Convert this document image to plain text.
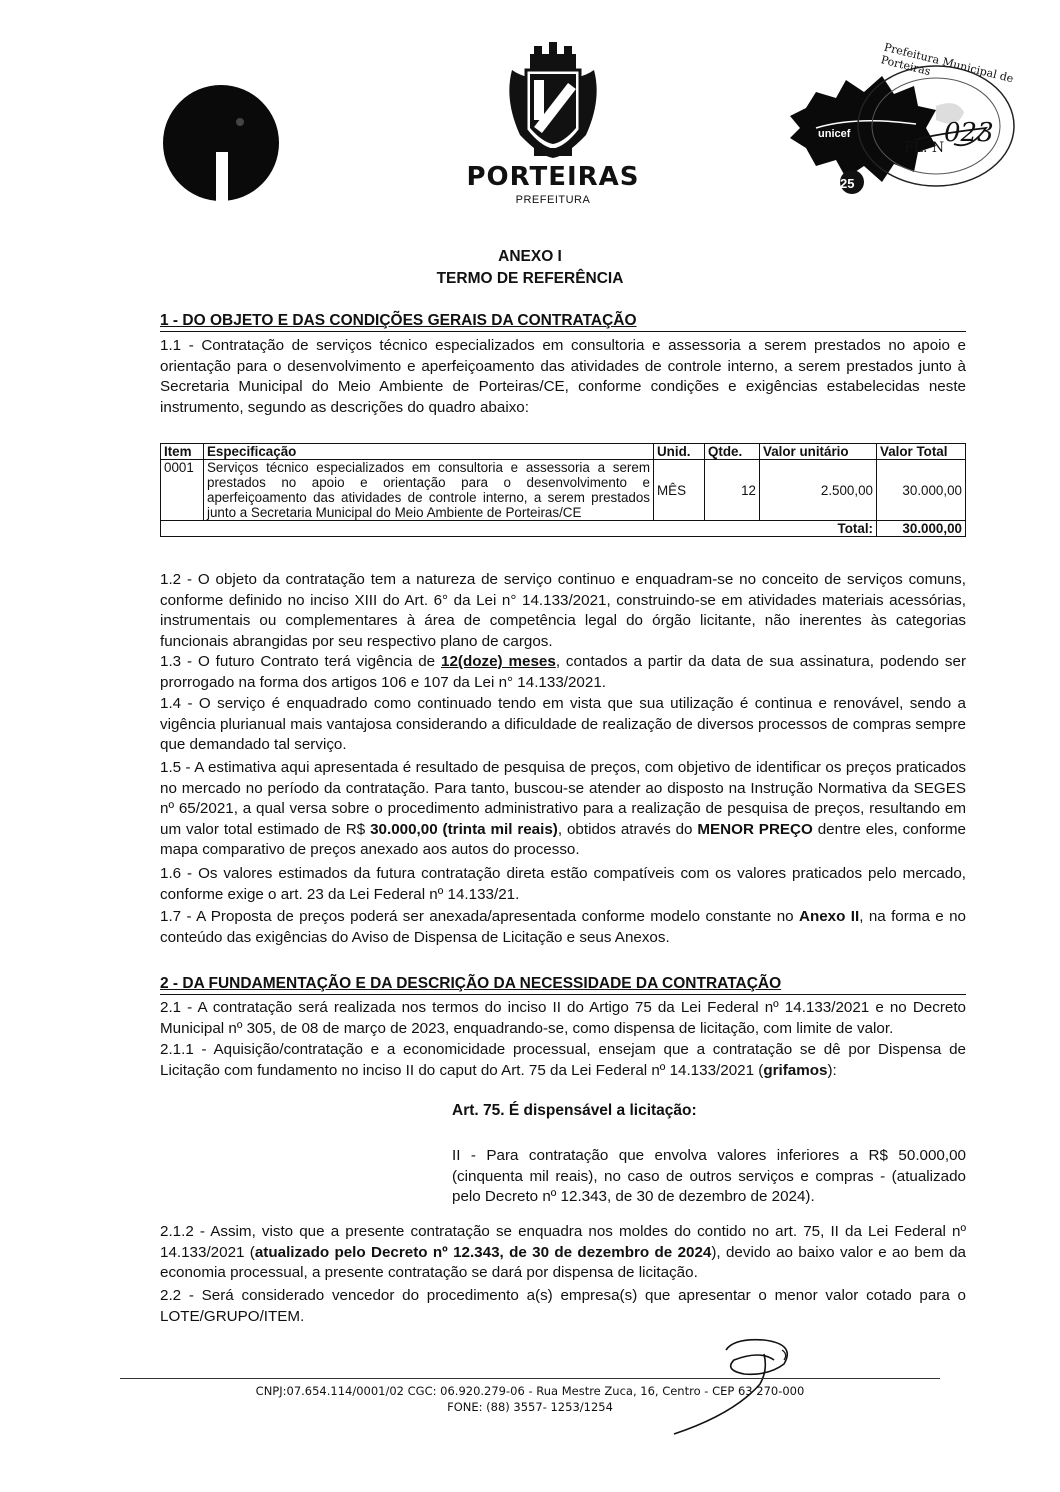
PORTEIRAS
PREFEITURA
Prefeitura Municipal de Porteiras
unicef
25
FL. N 023
ANEXO I
TERMO DE REFERÊNCIA
1 - DO OBJETO E DAS CONDIÇÕES GERAIS DA CONTRATAÇÃO

1.1 - Contratação de serviços técnico especializados em consultoria e assessoria a serem prestados no apoio e orientação para o desenvolvimento e aperfeiçoamento das atividades de controle interno, a serem prestados junto à Secretaria Municipal do Meio Ambiente de Porteiras/CE, conforme condições e exigências estabelecidas neste instrumento, segundo as descrições do quadro abaixo:

Item	Especificação	Unid.	Qtde.	Valor unitário	Valor Total
0001	Serviços técnico especializados em consultoria e assessoria a serem prestados no apoio e orientação para o desenvolvimento e aperfeiçoamento das atividades de controle interno, a serem prestados junto a Secretaria Municipal do Meio Ambiente de Porteiras/CE	MÊS	12	2.500,00	30.000,00
Total:					30.000,00

1.2 - O objeto da contratação tem a natureza de serviço continuo e enquadram-se no conceito de serviços comuns, conforme definido no inciso XIII do Art. 6° da Lei n° 14.133/2021, construindo-se em atividades materiais acessórias, instrumentais ou complementares à área de competência legal do órgão licitante, não inerentes às categorias funcionais abrangidas por seu respectivo plano de cargos.

1.3 - O futuro Contrato terá vigência de 12(doze) meses, contados a partir da data de sua assinatura, podendo ser prorrogado na forma dos artigos 106 e 107 da Lei n° 14.133/2021.

1.4 - O serviço é enquadrado como continuado tendo em vista que sua utilização é continua e renovável, sendo a vigência plurianual mais vantajosa considerando a dificuldade de realização de diversos processos de compras sempre que demandado tal serviço.

1.5 - A estimativa aqui apresentada é resultado de pesquisa de preços, com objetivo de identificar os preços praticados no mercado no período da contratação. Para tanto, buscou-se atender ao disposto na Instrução Normativa da SEGES nº 65/2021, a qual versa sobre o procedimento administrativo para a realização de pesquisa de preços, resultando em um valor total estimado de R$ 30.000,00 (trinta mil reais), obtidos através do MENOR PREÇO dentre eles, conforme mapa comparativo de preços anexado aos autos do processo.

1.6 - Os valores estimados da futura contratação direta estão compatíveis com os valores praticados pelo mercado, conforme exige o art. 23 da Lei Federal nº 14.133/21.

1.7 - A Proposta de preços poderá ser anexada/apresentada conforme modelo constante no Anexo II, na forma e no conteúdo das exigências do Aviso de Dispensa de Licitação e seus Anexos.

2 - DA FUNDAMENTAÇÃO E DA DESCRIÇÃO DA NECESSIDADE DA CONTRATAÇÃO

2.1 - A contratação será realizada nos termos do inciso II do Artigo 75 da Lei Federal nº 14.133/2021 e no Decreto Municipal nº 305, de 08 de março de 2023, enquadrando-se, como dispensa de licitação, com limite de valor.

2.1.1 - Aquisição/contratação e a economicidade processual, ensejam que a contratação se dê por Dispensa de Licitação com fundamento no inciso II do caput do Art. 75 da Lei Federal nº 14.133/2021 (grifamos):

Art. 75. É dispensável a licitação:

II - Para contratação que envolva valores inferiores a R$ 50.000,00 (cinquenta mil reais), no caso de outros serviços e compras - (atualizado pelo Decreto nº 12.343, de 30 de dezembro de 2024).

2.1.2 - Assim, visto que a presente contratação se enquadra nos moldes do contido no art. 75, II da Lei Federal nº 14.133/2021 (atualizado pelo Decreto nº 12.343, de 30 de dezembro de 2024), devido ao baixo valor e ao bem da economia processual, a presente contratação se dará por dispensa de licitação.

2.2 - Será considerado vencedor do procedimento a(s) empresa(s) que apresentar o menor valor cotado para o LOTE/GRUPO/ITEM.

CNPJ:07.654.114/0001/02 CGC: 06.920.279-06 - Rua Mestre Zuca, 16, Centro - CEP 63 270-000
FONE: (88) 3557- 1253/1254
